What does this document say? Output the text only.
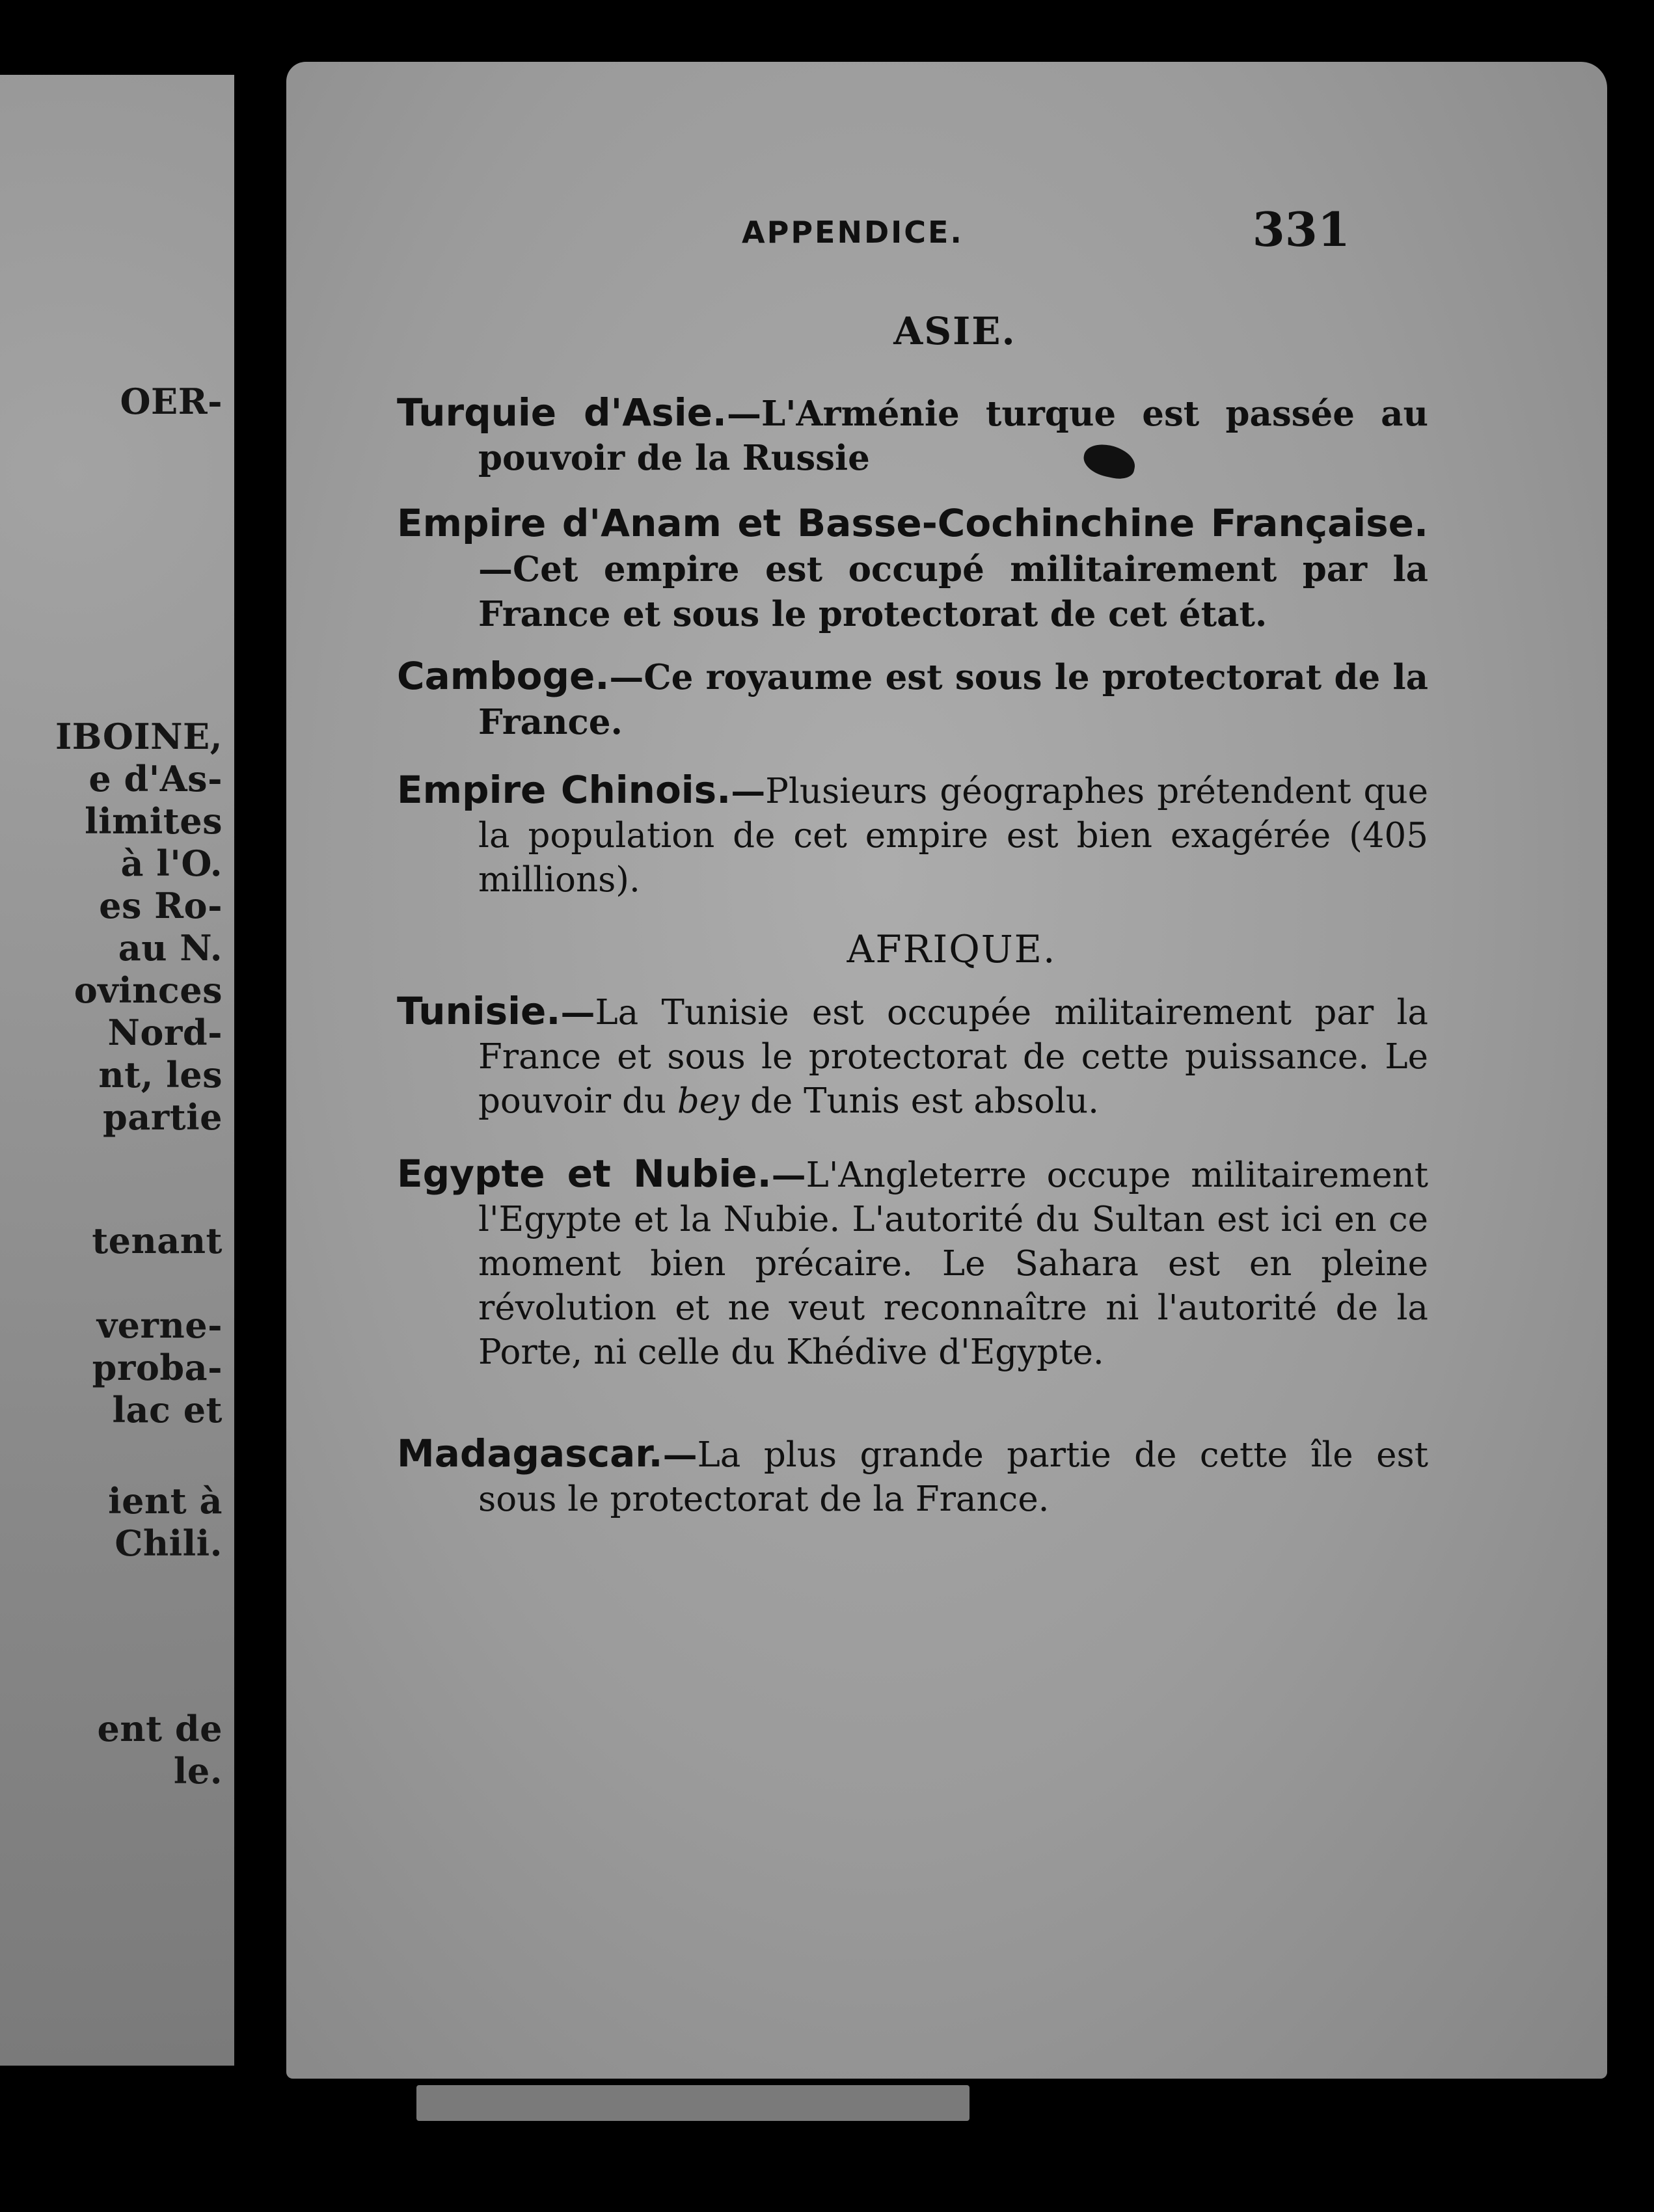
OER-
IBOINE,
e d'As-
limites
à l'O.
es Ro-
au N.
ovinces
Nord-
nt, les
partie
tenant
verne-
proba-
lac et
ient à
Chili.
ent de
le.
APPENDICE.	331
ASIE.

Turquie d'Asie.—L'Arménie turque est passée au pouvoir de la Russie

Empire d'Anam et Basse-Cochinchine Française.—Cet empire est occupé militairement par la France et sous le protectorat de cet état.

Camboge.—Ce royaume est sous le protectorat de la France.

Empire Chinois.—Plusieurs géographes prétendent que la population de cet empire est bien exagérée (405 millions).

AFRIQUE.

Tunisie.—La Tunisie est occupée militairement par la France et sous le protectorat de cette puissance. Le pouvoir du bey de Tunis est absolu.

Egypte et Nubie.—L'Angleterre occupe militairement l'Egypte et la Nubie. L'autorité du Sultan est ici en ce moment bien précaire. Le Sahara est en pleine révolution et ne veut reconnaître ni l'autorité de la Porte, ni celle du Khédive d'Egypte.

Madagascar.—La plus grande partie de cette île est sous le protectorat de la France.
